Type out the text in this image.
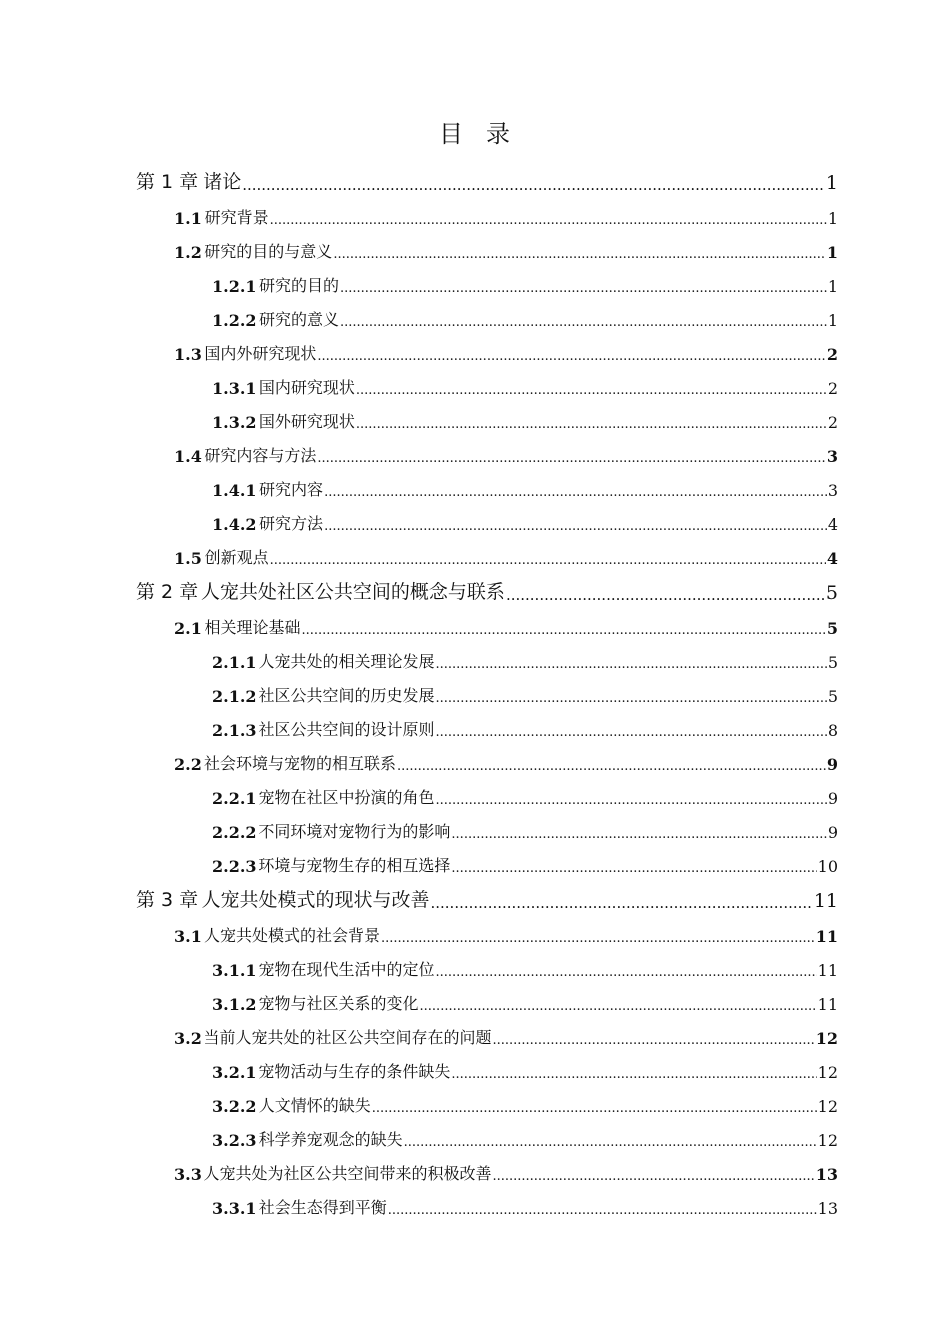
目 录
第 1 章 诸论 .....	1
1.1 研究背景 .....	1
1.2 研究的目的与意义 .....	1
1.2.1 研究的目的 .....	1
1.2.2 研究的意义 .....	1
1.3 国内外研究现状 .....	2
1.3.1 国内研究现状 .....	2
1.3.2 国外研究现状 .....	2
1.4 研究内容与方法 .....	3
1.4.1 研究内容 .....	3
1.4.2 研究方法 .....	4
1.5 创新观点 .....	4
第 2 章 人宠共处社区公共空间的概念与联系 .....	5
2.1 相关理论基础 .....	5
2.1.1 人宠共处的相关理论发展 .....	5
2.1.2 社区公共空间的历史发展 .....	5
2.1.3 社区公共空间的设计原则 .....	8
2.2 社会环境与宠物的相互联系 .....	9
2.2.1 宠物在社区中扮演的角色 .....	9
2.2.2 不同环境对宠物行为的影响 .....	9
2.2.3 环境与宠物生存的相互选择 .....	10
第 3 章 人宠共处模式的现状与改善 .....	11
3.1 人宠共处模式的社会背景 .....	11
3.1.1 宠物在现代生活中的定位 .....	11
3.1.2 宠物与社区关系的变化 .....	11
3.2 当前人宠共处的社区公共空间存在的问题 .....	12
3.2.1 宠物活动与生存的条件缺失 .....	12
3.2.2 人文情怀的缺失 .....	12
3.2.3 科学养宠观念的缺失 .....	12
3.3 人宠共处为社区公共空间带来的积极改善 .....	13
3.3.1 社会生态得到平衡 .....	13
